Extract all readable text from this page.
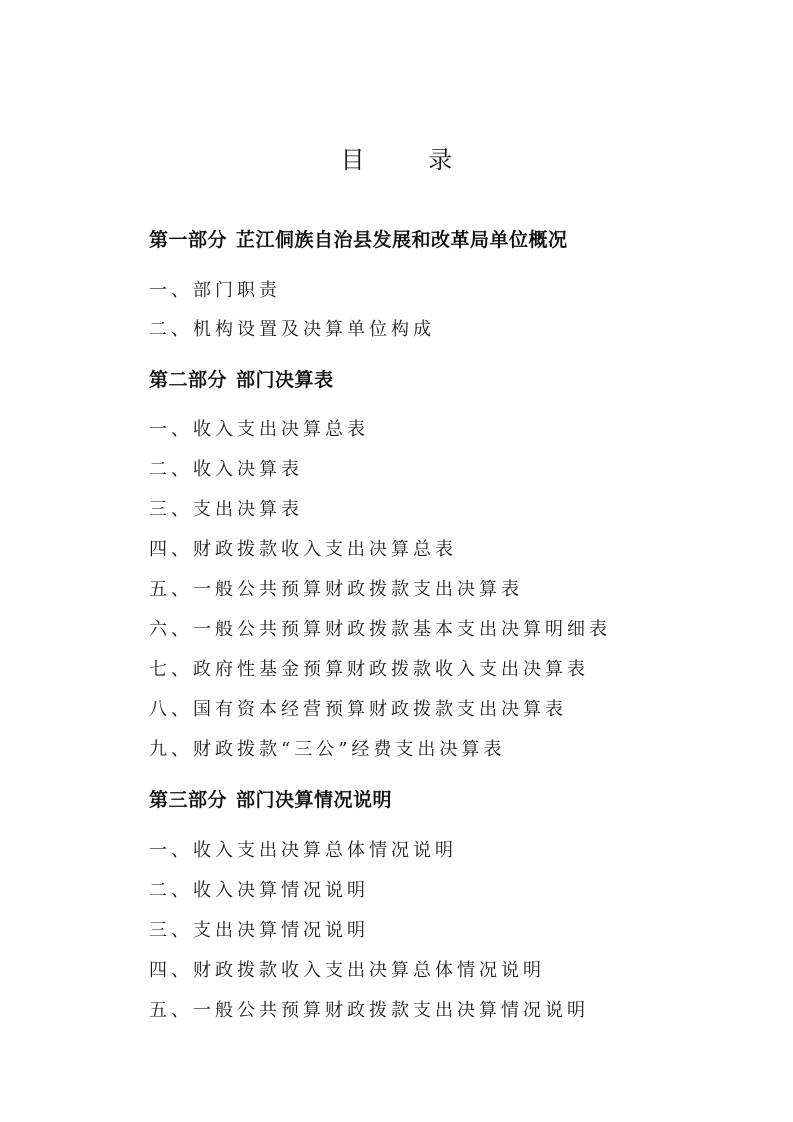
目 录
第一部分 芷江侗族自治县发展和改革局单位概况
一、部门职责
二、机构设置及决算单位构成
第二部分 部门决算表
一、收入支出决算总表
二、收入决算表
三、支出决算表
四、财政拨款收入支出决算总表
五、一般公共预算财政拨款支出决算表
六、一般公共预算财政拨款基本支出决算明细表
七、政府性基金预算财政拨款收入支出决算表
八、国有资本经营预算财政拨款支出决算表
九、财政拨款“三公”经费支出决算表
第三部分 部门决算情况说明
一、收入支出决算总体情况说明
二、收入决算情况说明
三、支出决算情况说明
四、财政拨款收入支出决算总体情况说明
五、一般公共预算财政拨款支出决算情况说明
